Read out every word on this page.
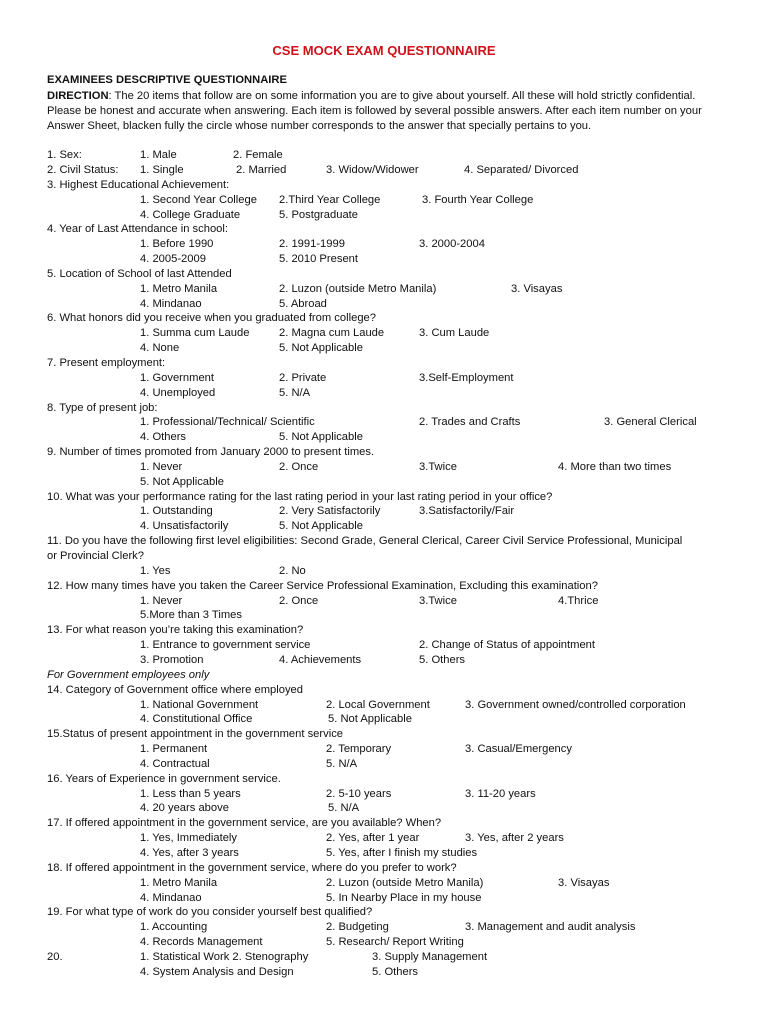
CSE MOCK EXAM QUESTIONNAIRE
EXAMINEES DESCRIPTIVE QUESTIONNAIRE
DIRECTION: The 20 items that follow are on some information you are to give about yourself. All these will hold strictly confidential. Please be honest and accurate when answering. Each item is followed by several possible answers. After each item number on your Answer Sheet, blacken fully the circle whose number corresponds to the answer that specially pertains to you.
1. Sex:	1. Male	2. Female
2. Civil Status: 1. Single	2. Married	3. Widow/Widower	4. Separated/ Divorced
3. Highest Educational Achievement:
1. Second Year College 2.Third Year College	3. Fourth Year College
4. College Graduate	5. Postgraduate
4. Year of Last Attendance in school:
1. Before 1990	2. 1991-1999	3. 2000-2004
4. 2005-2009	5. 2010 Present
5. Location of School of last Attended
1. Metro Manila	2. Luzon (outside Metro Manila)	3. Visayas
4. Mindanao	5. Abroad
6. What honors did you receive when you graduated from college?
1. Summa cum Laude	2. Magna cum Laude	3. Cum Laude
4. None	5. Not Applicable
7. Present employment:
1. Government	2. Private	3.Self-Employment
4. Unemployed	5. N/A
8. Type of present job:
1. Professional/Technical/ Scientific	2. Trades and Crafts	3. General Clerical
4. Others	5. Not Applicable
9. Number of times promoted from January 2000 to present times.
1. Never	2. Once	3.Twice	4. More than two times
5. Not Applicable
10. What was your performance rating for the last rating period in your last rating period in your office?
1. Outstanding	2. Very Satisfactorily	3.Satisfactorily/Fair
4. Unsatisfactorily	5. Not Applicable
11. Do you have the following first level eligibilities: Second Grade, General Clerical, Career Civil Service Professional, Municipal
or Provincial Clerk?
1. Yes	2. No
12. How many times have you taken the Career Service Professional Examination, Excluding this examination?
1. Never	2. Once	3.Twice	4.Thrice
5.More than 3 Times
13. For what reason you’re taking this examination?
1. Entrance to government service	2. Change of Status of appointment
3. Promotion	4. Achievements	5. Others
For Government employees only
14. Category of Government office where employed
1. National Government	2. Local Government	3. Government owned/controlled corporation
4. Constitutional Office	5. Not Applicable
15.Status of present appointment in the government service
1. Permanent	2. Temporary	3. Casual/Emergency
4. Contractual	5. N/A
16. Years of Experience in government service.
1. Less than 5 years	2. 5-10 years	3. 11-20 years
4. 20 years above	5. N/A
17. If offered appointment in the government service, are you available? When?
1. Yes, Immediately	2. Yes, after 1 year	3. Yes, after 2 years
4. Yes, after 3 years	5. Yes, after I finish my studies
18. If offered appointment in the government service, where do you prefer to work?
1. Metro Manila	2. Luzon (outside Metro Manila)	3. Visayas
4. Mindanao	5. In Nearby Place in my house
19. For what type of work do you consider yourself best qualified?
1. Accounting	2. Budgeting	3. Management and audit analysis
4. Records Management	5. Research/ Report Writing
20.	1. Statistical Work 2. Stenography	3. Supply Management
4. System Analysis and Design	5. Others
